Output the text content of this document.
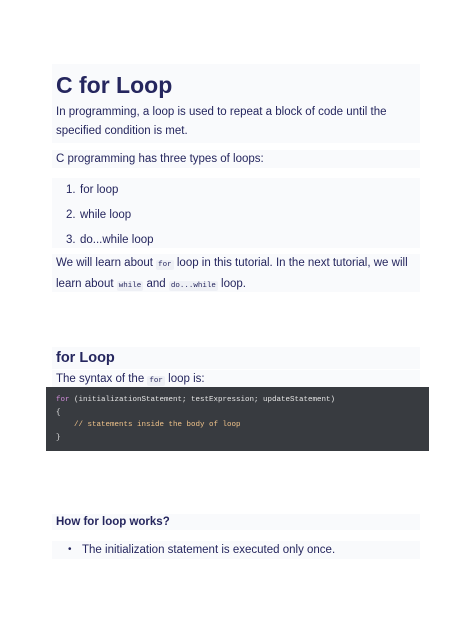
C for Loop
In programming, a loop is used to repeat a block of code until the specified condition is met.
C programming has three types of loops:
1. for loop
2. while loop
3. do...while loop
We will learn about for loop in this tutorial. In the next tutorial, we will learn about while and do...while loop.
for Loop
The syntax of the for loop is:
for (initializationStatement; testExpression; updateStatement)
{
// statements inside the body of loop
}
How for loop works?
• The initialization statement is executed only once.
